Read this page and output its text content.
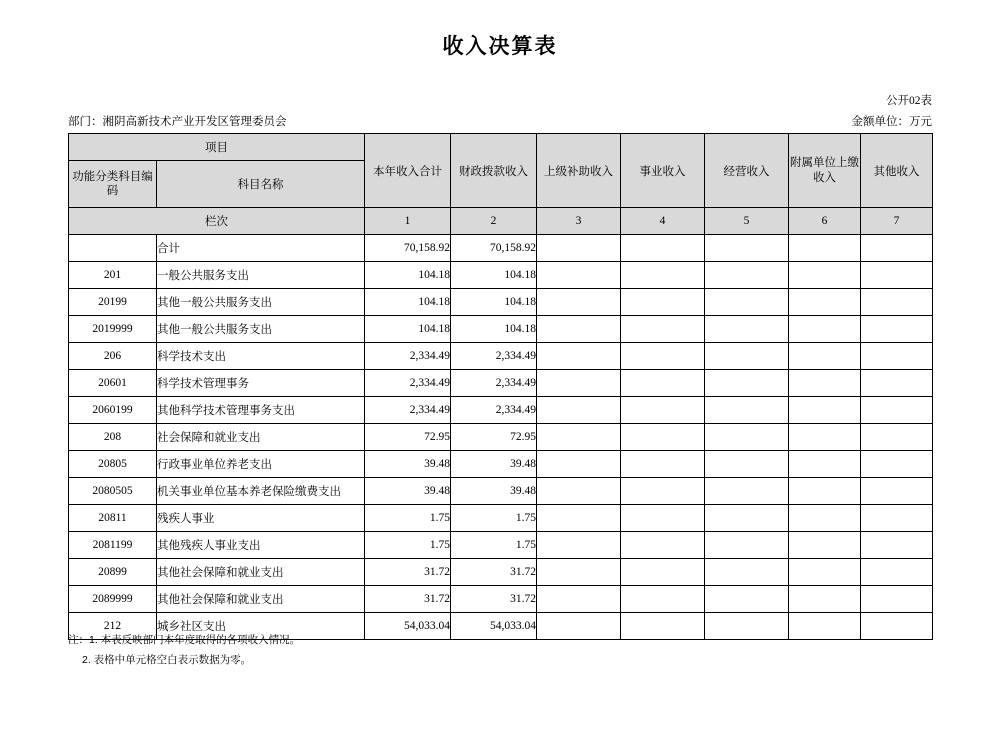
收入决算表
公开02表
部门：湘阴高新技术产业开发区管理委员会	金额单位：万元
项目		本年收入合计	财政拨款收入	上级补助收入	事业收入	经营收入	附属单位上缴收入	其他收入
功能分类科目编码	科目名称							
栏次		1	2	3	4	5	6	7
	合计	70,158.92	70,158.92					
201	一般公共服务支出	104.18	104.18					
20199	其他一般公共服务支出	104.18	104.18					
2019999	其他一般公共服务支出	104.18	104.18					
206	科学技术支出	2,334.49	2,334.49					
20601	科学技术管理事务	2,334.49	2,334.49					
2060199	其他科学技术管理事务支出	2,334.49	2,334.49					
208	社会保障和就业支出	72.95	72.95					
20805	行政事业单位养老支出	39.48	39.48					
2080505	机关事业单位基本养老保险缴费支出	39.48	39.48					
20811	残疾人事业	1.75	1.75					
2081199	其他残疾人事业支出	1.75	1.75					
20899	其他社会保障和就业支出	31.72	31.72					
2089999	其他社会保障和就业支出	31.72	31.72					
212	城乡社区支出	54,033.04	54,033.04					
注：1. 本表反映部门本年度取得的各项收入情况。
2. 表格中单元格空白表示数据为零。
